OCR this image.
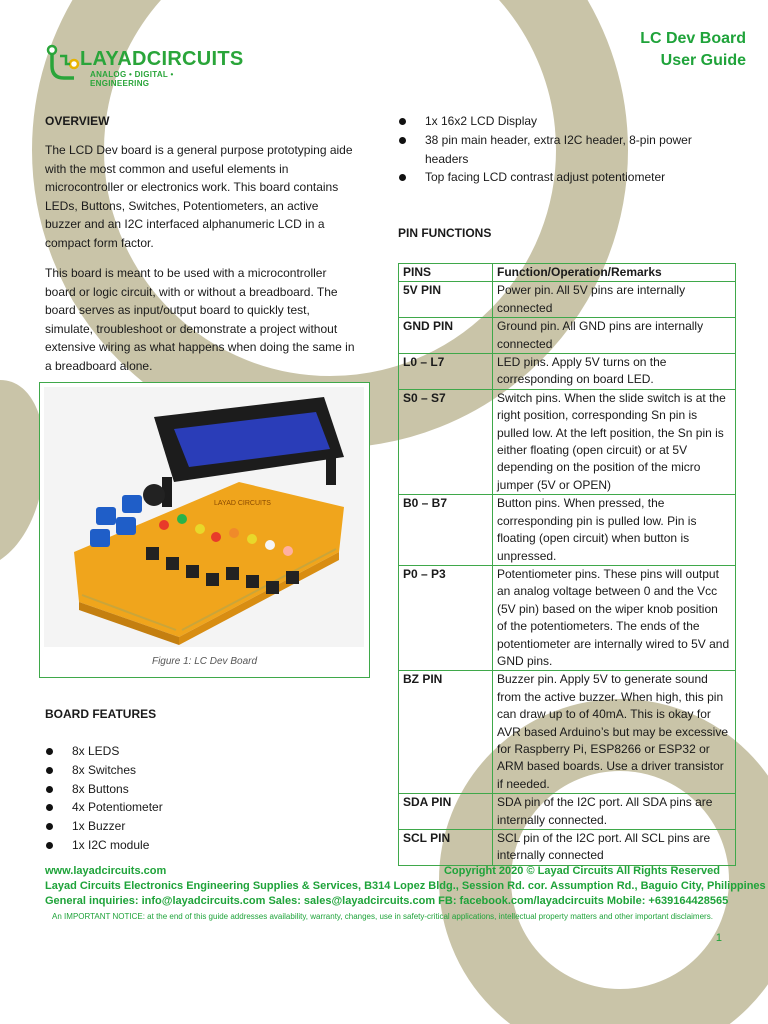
LAYADCIRCUITS
ANALOG • DIGITAL • ENGINEERING
LC Dev Board
User Guide
OVERVIEW
The LCD Dev board is a general purpose prototyping aide with the most common and useful elements in microcontroller or electronics work. This board contains LEDs, Buttons, Switches, Potentiometers, an active buzzer and an I2C interfaced alphanumeric LCD in a compact form factor.
This board is meant to be used with a microcontroller board or logic circuit, with or without a breadboard. The board serves as input/output board to quickly test, simulate, troubleshoot or demonstrate a project without extensive wiring as what happens when doing the same in a breadboard alone.
LAYAD CIRCUITS
Figure 1: LC Dev Board
BOARD FEATURES
8x LEDS
8x Switches
8x Buttons
4x Potentiometer
1x Buzzer
1x I2C module
1x 16x2 LCD Display
38 pin main header, extra I2C header, 8-pin power headers
Top facing LCD contrast adjust potentiometer
PIN FUNCTIONS
PINS	Function/Operation/Remarks
5V PIN	Power pin. All 5V pins are internally connected
GND PIN	Ground pin. All GND pins are internally connected
L0 – L7	LED pins. Apply 5V turns on the corresponding on board LED.
S0 – S7	Switch pins. When the slide switch is at the right position, corresponding Sn pin is pulled low. At the left position, the Sn pin is either floating (open circuit) or at 5V depending on the position of the micro jumper (5V or OPEN)
B0 – B7	Button pins. When pressed, the corresponding pin is pulled low. Pin is floating (open circuit) when button is unpressed.
P0 – P3	Potentiometer pins. These pins will output an analog voltage between 0 and the Vcc (5V pin) based on the wiper knob position of the potentiometers. The ends of the potentiometer are internally wired to 5V and GND pins.
BZ PIN	Buzzer pin. Apply 5V to generate sound from the active buzzer. When high, this pin can draw up to of 40mA. This is okay for AVR based Arduino’s but may be excessive for Raspberry Pi, ESP8266 or ESP32 or ARM based boards. Use a driver transistor if needed.
SDA PIN	SDA pin of the I2C port. All SDA pins are internally connected.
SCL PIN	SCL pin of the I2C port. All SCL pins are internally connected
www.layadcircuits.com	Copyright 2020 © Layad Circuits All Rights Reserved
Layad Circuits Electronics Engineering Supplies & Services, B314 Lopez Bldg., Session Rd. cor. Assumption Rd., Baguio City, Philippines
General inquiries: info@layadcircuits.com Sales: sales@layadcircuits.com FB: facebook.com/layadcircuits Mobile: +639164428565
An IMPORTANT NOTICE: at the end of this guide addresses availability, warranty, changes, use in safety-critical applications, intellectual property matters and other important disclaimers.
1
